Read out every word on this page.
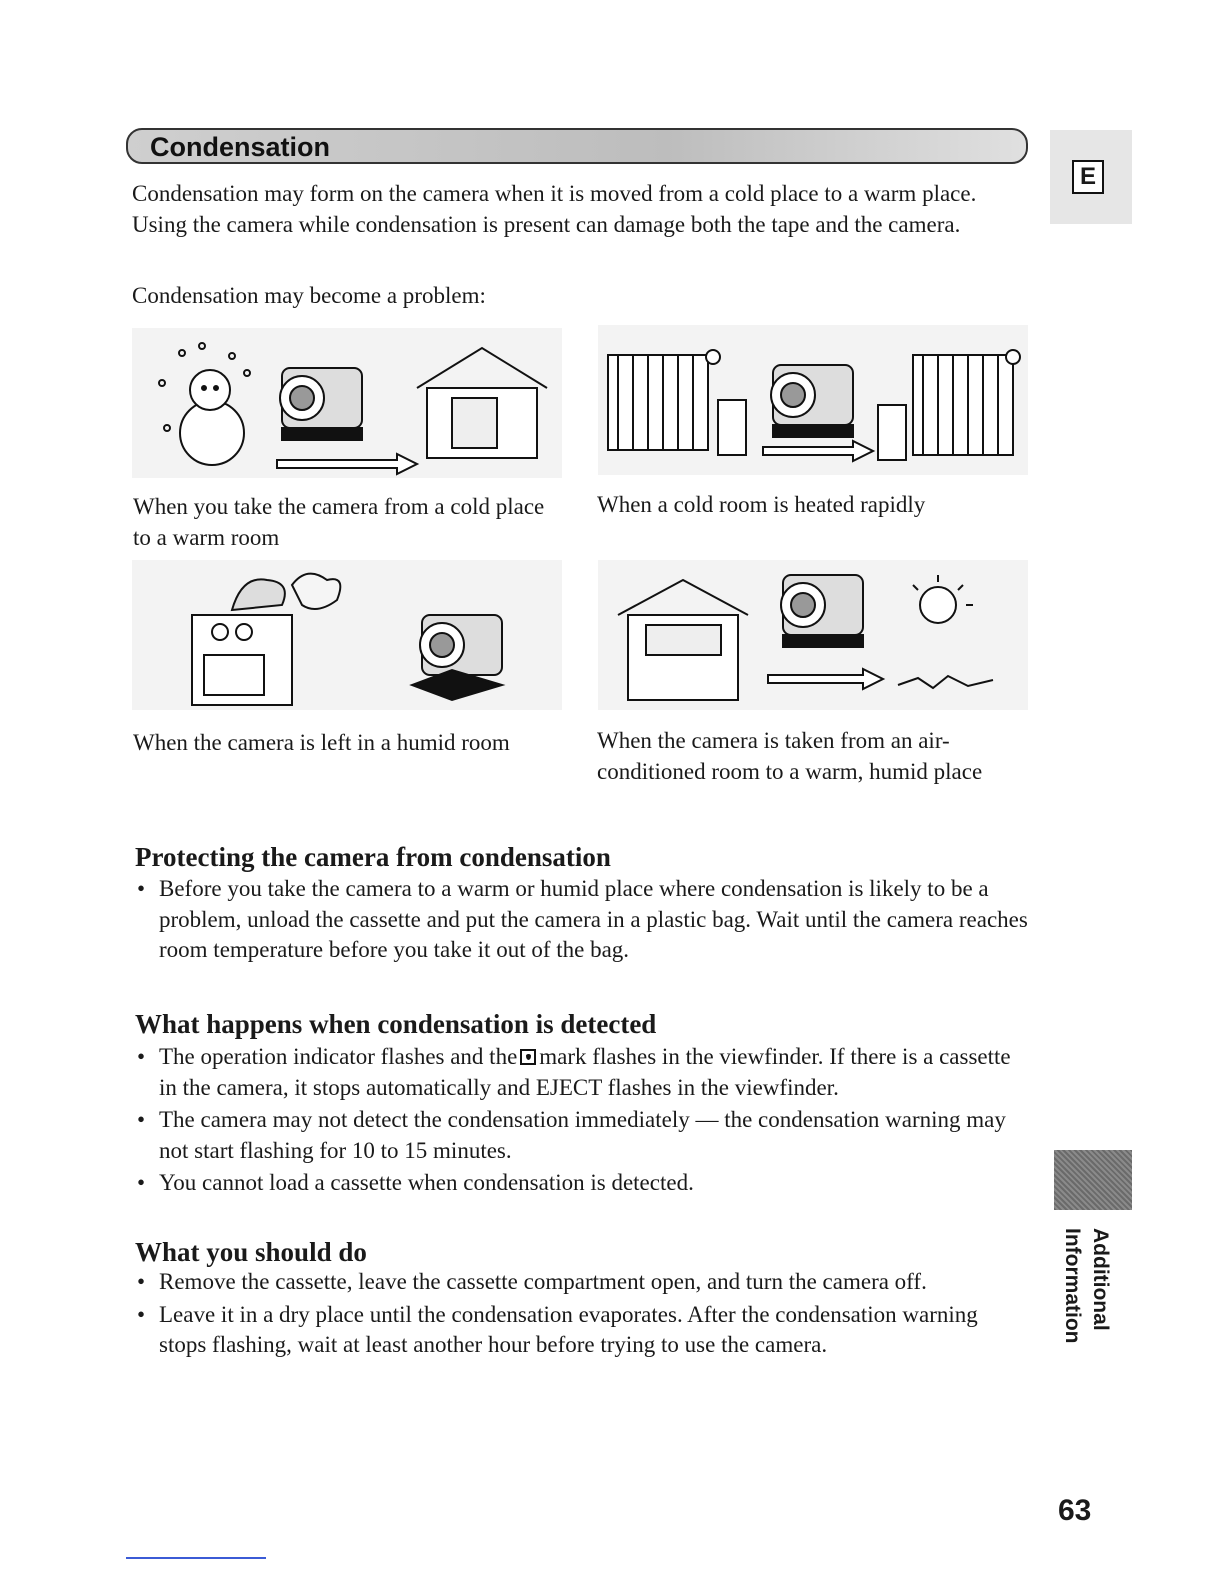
Condensation
E

Condensation may form on the camera when it is moved from a cold place to a warm place. Using the camera while condensation is present can damage both the tape and the camera.

Condensation may become a problem:

When you take the camera from a cold place to a warm room
When a cold room is heated rapidly
When the camera is left in a humid room	When the camera is taken from an air-conditioned room to a warm, humid place
Protecting the camera from condensation
• Before you take the camera to a warm or humid place where condensation is likely to be a problem, unload the cassette and put the camera in a plastic bag. Wait until the camera reaches room temperature before you take it out of the bag.
What happens when condensation is detected
• The operation indicator flashes and the mark flashes in the viewfinder. If there is a cassette in the camera, it stops automatically and EJECT flashes in the viewfinder.
• The camera may not detect the condensation immediately — the condensation warning may not start flashing for 10 to 15 minutes.
• You cannot load a cassette when condensation is detected.
What you should do
• Remove the cassette, leave the cassette compartment open, and turn the camera off.
• Leave it in a dry place until the condensation evaporates. After the condensation warning stops flashing, wait at least another hour before trying to use the camera.
Additional
Information
63
